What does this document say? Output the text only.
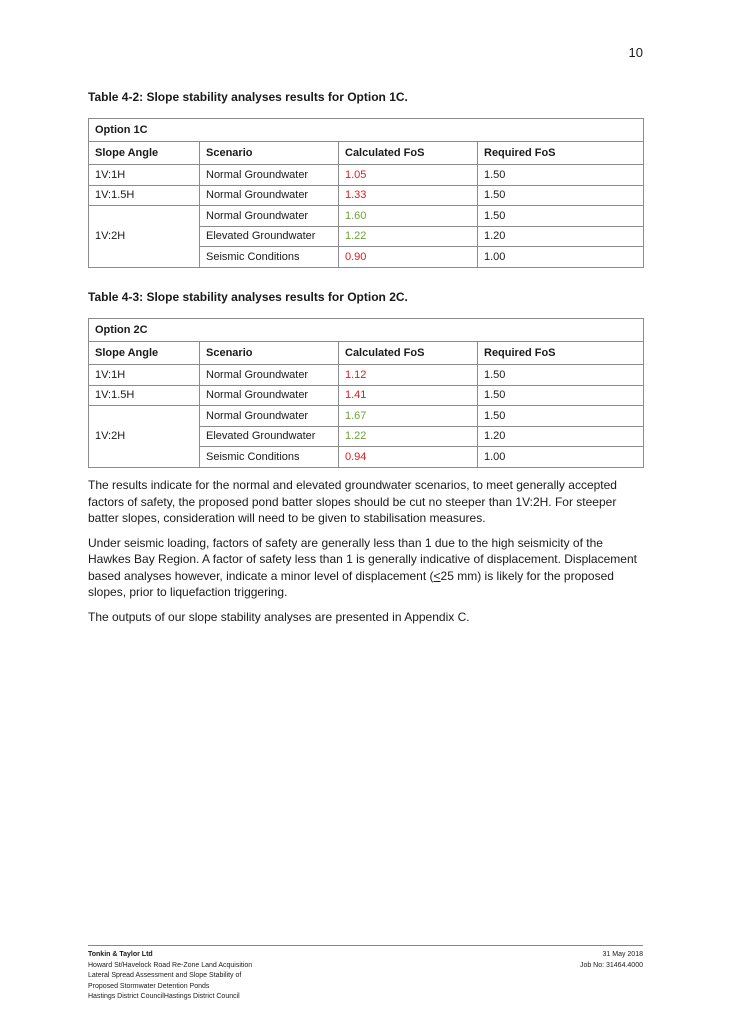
10
Table 4-2: Slope stability analyses results for Option 1C.
Option 1C			
Slope Angle	Scenario	Calculated FoS	Required FoS
1V:1H	Normal Groundwater	1.05	1.50
1V:1.5H	Normal Groundwater	1.33	1.50
1V:2H	Normal Groundwater	1.60	1.50
	Elevated Groundwater	1.22	1.20
	Seismic Conditions	0.90	1.00
Table 4-3: Slope stability analyses results for Option 2C.
Option 2C			
Slope Angle	Scenario	Calculated FoS	Required FoS
1V:1H	Normal Groundwater	1.12	1.50
1V:1.5H	Normal Groundwater	1.41	1.50
1V:2H	Normal Groundwater	1.67	1.50
	Elevated Groundwater	1.22	1.20
	Seismic Conditions	0.94	1.00

The results indicate for the normal and elevated groundwater scenarios, to meet generally accepted factors of safety, the proposed pond batter slopes should be cut no steeper than 1V:2H. For steeper batter slopes, consideration will need to be given to stabilisation measures.

Under seismic loading, factors of safety are generally less than 1 due to the high seismicity of the Hawkes Bay Region. A factor of safety less than 1 is generally indicative of displacement. Displacement based analyses however, indicate a minor level of displacement (<25 mm) is likely for the proposed slopes, prior to liquefaction triggering.

The outputs of our slope stability analyses are presented in Appendix C.

Tonkin & Taylor Ltd
Howard St/Havelock Road Re-Zone Land Acquisition
Lateral Spread Assessment and Slope Stability of
Proposed Stormwater Detention Ponds
Hastings District CouncilHastings District Council
31 May 2018
Job No: 31464.4000
